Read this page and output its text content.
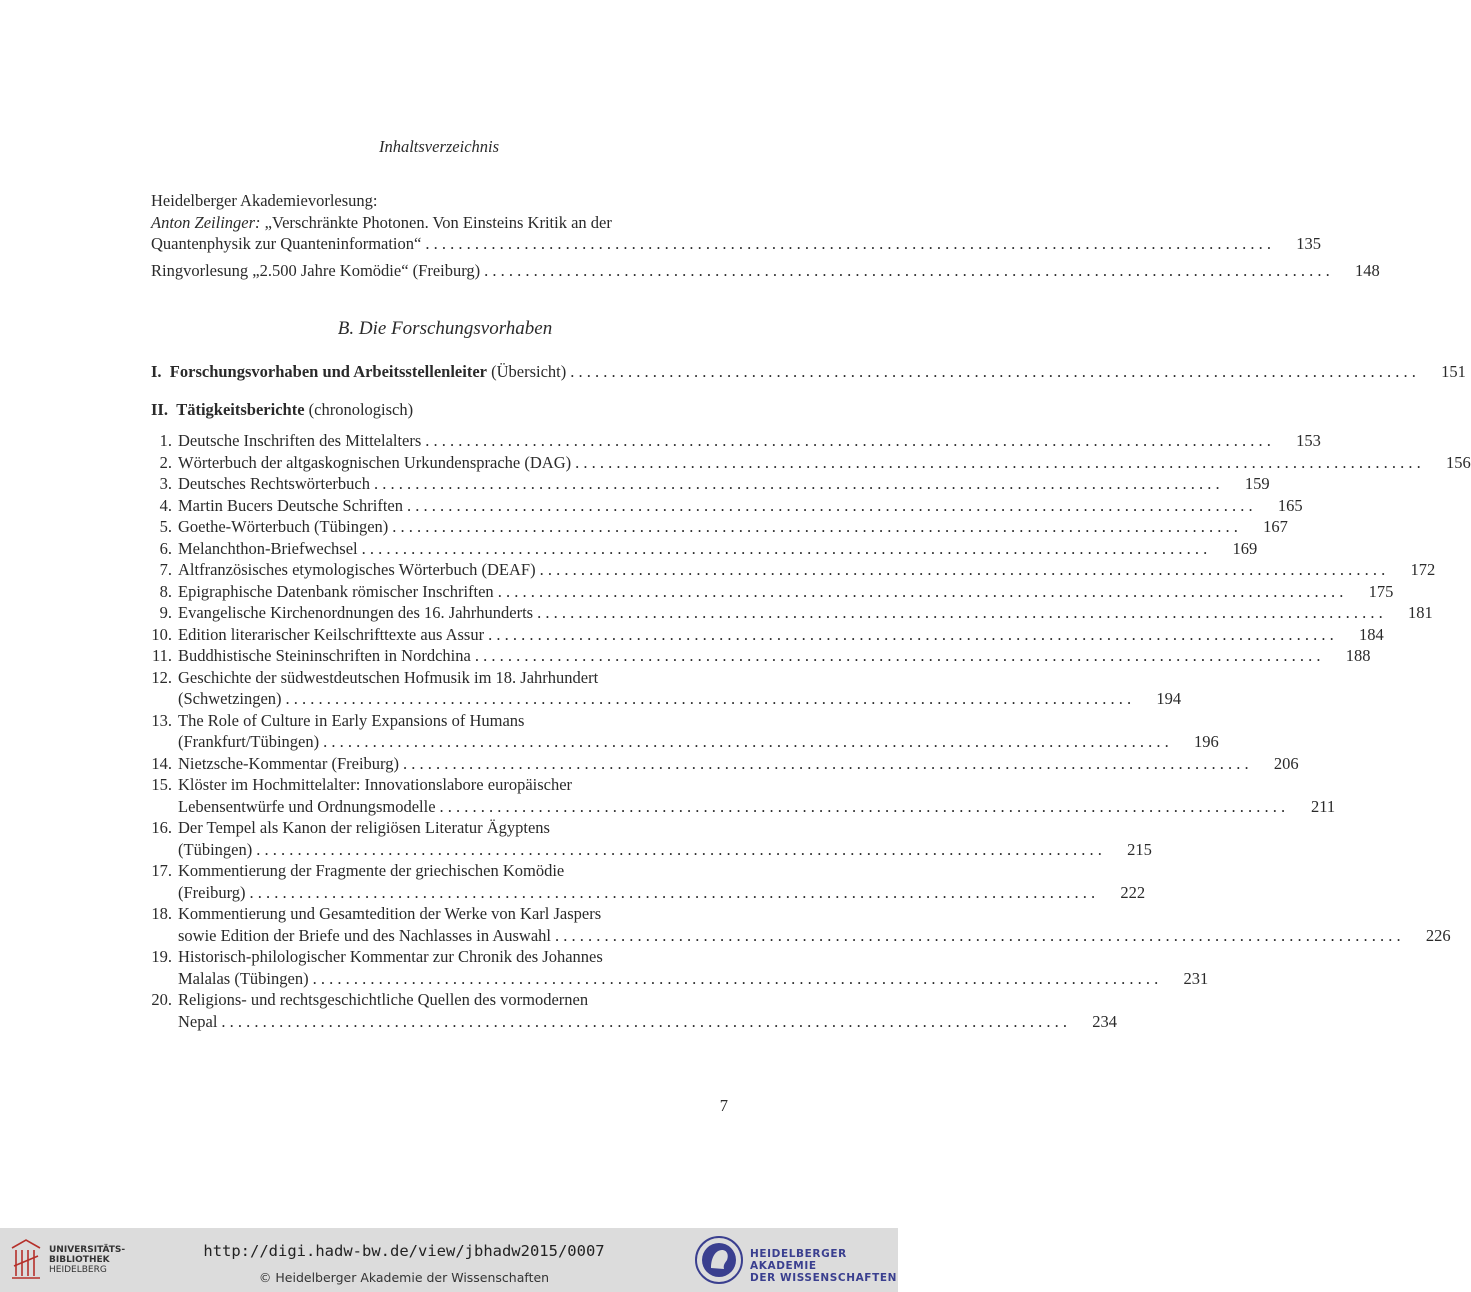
Inhaltsverzeichnis
Heidelberger Akademievorlesung:
Anton Zeilinger: „Verschränkte Photonen. Von Einsteins Kritik an der
Quantenphysik zur Quanteninformation“ . . .	135
Ringvorlesung „2.500 Jahre Komödie“ (Freiburg) . . .	148
B. Die Forschungsvorhaben
I. Forschungsvorhaben und Arbeitsstellenleiter (Übersicht) . . .	151
II. Tätigkeitsberichte (chronologisch)
1. Deutsche Inschriften des Mittelalters . . .	153
2. Wörterbuch der altgaskognischen Urkundensprache (DAG) . . .	156
3. Deutsches Rechtswörterbuch . . .	159
4. Martin Bucers Deutsche Schriften . . .	165
5. Goethe-Wörterbuch (Tübingen) . . .	167
6. Melanchthon-Briefwechsel . . .	169
7. Altfranzösisches etymologisches Wörterbuch (DEAF) . . .	172
8. Epigraphische Datenbank römischer Inschriften . . .	175
9. Evangelische Kirchenordnungen des 16. Jahrhunderts . . .	181
10. Edition literarischer Keilschrifttexte aus Assur . . .	184
11. Buddhistische Steininschriften in Nordchina . . .	188
12. Geschichte der südwestdeutschen Hofmusik im 18. Jahrhundert
(Schwetzingen) . . .	194
13. The Role of Culture in Early Expansions of Humans
(Frankfurt/Tübingen) . . .	196
14. Nietzsche-Kommentar (Freiburg) . . .	206
15. Klöster im Hochmittelalter: Innovationslabore europäischer
Lebensentwürfe und Ordnungsmodelle . . .	211
16. Der Tempel als Kanon der religiösen Literatur Ägyptens
(Tübingen) . . .	215
17. Kommentierung der Fragmente der griechischen Komödie
(Freiburg) . . .	222
18. Kommentierung und Gesamtedition der Werke von Karl Jaspers
sowie Edition der Briefe und des Nachlasses in Auswahl . . .	226
19. Historisch-philologischer Kommentar zur Chronik des Johannes
Malalas (Tübingen) . . .	231
20. Religions- und rechtsgeschichtliche Quellen des vormodernen
Nepal . . .	234
7
UNIVERSITÄTS-
BIBLIOTHEK
HEIDELBERG
http://digi.hadw-bw.de/view/jbhadw2015/0007
© Heidelberger Akademie der Wissenschaften
HEIDELBERGER AKADEMIE
DER WISSENSCHAFTEN
